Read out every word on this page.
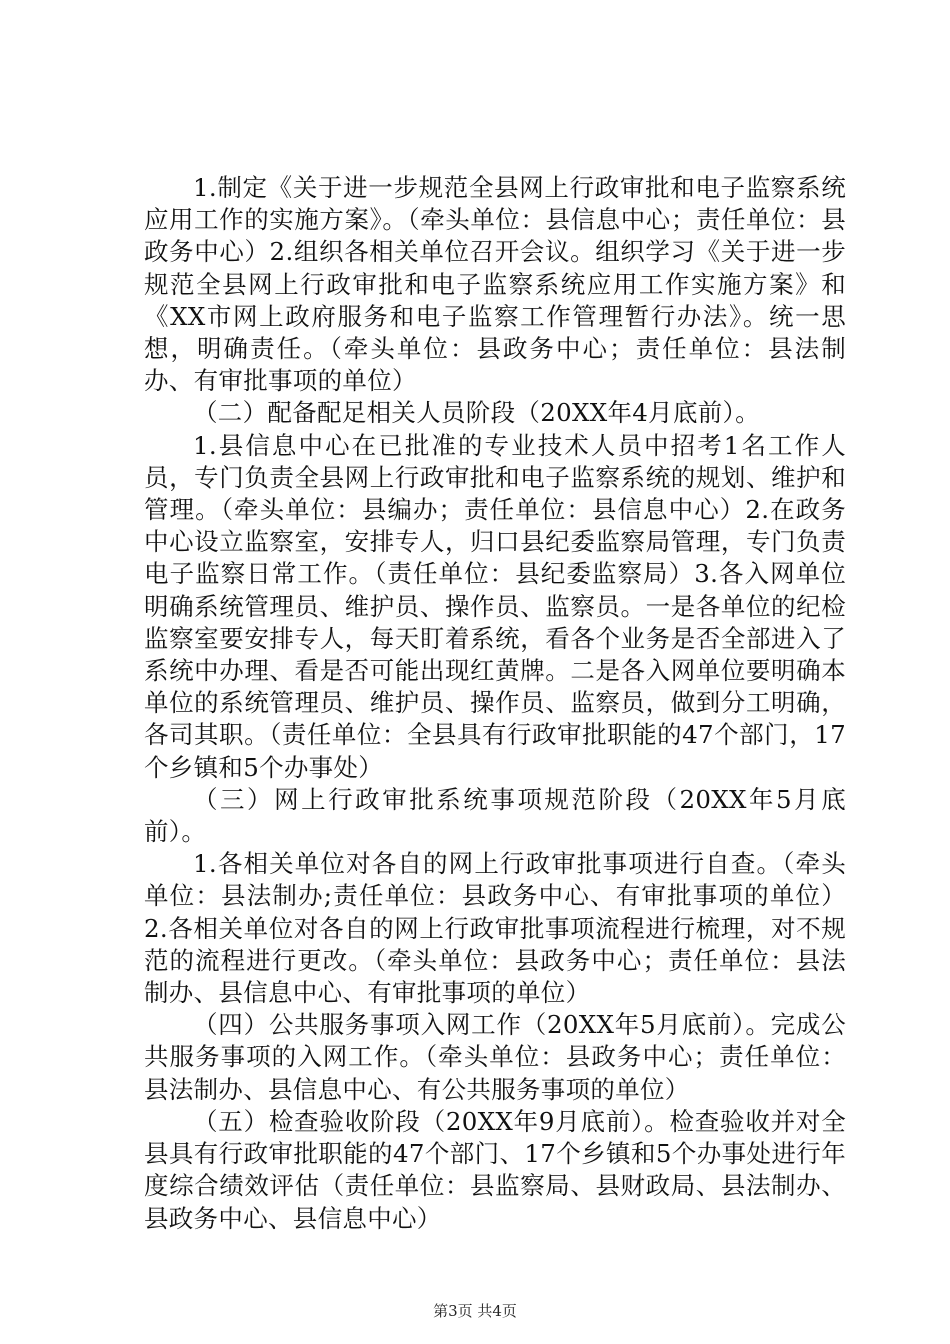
1.制定《关于进一步规范全县网上行政审批和电子监察系统应用工作的实施方案》。（牵头单位：县信息中心；责任单位：县政务中心）2.组织各相关单位召开会议。组织学习《关于进一步规范全县网上行政审批和电子监察系统应用工作实施方案》和《XX市网上政府服务和电子监察工作管理暂行办法》。统一思想，明确责任。（牵头单位：县政务中心；责任单位：县法制办、有审批事项的单位）

（二）配备配足相关人员阶段（20XX年4月底前）。

1.县信息中心在已批准的专业技术人员中招考1名工作人员，专门负责全县网上行政审批和电子监察系统的规划、维护和管理。（牵头单位：县编办；责任单位：县信息中心）2.在政务中心设立监察室，安排专人，归口县纪委监察局管理，专门负责电子监察日常工作。（责任单位：县纪委监察局）3.各入网单位明确系统管理员、维护员、操作员、监察员。一是各单位的纪检监察室要安排专人，每天盯着系统，看各个业务是否全部进入了系统中办理、看是否可能出现红黄牌。二是各入网单位要明确本单位的系统管理员、维护员、操作员、监察员，做到分工明确，各司其职。（责任单位：全县具有行政审批职能的47个部门，17个乡镇和5个办事处）

（三）网上行政审批系统事项规范阶段（20XX年5月底前）。

1.各相关单位对各自的网上行政审批事项进行自查。（牵头单位：县法制办;责任单位：县政务中心、有审批事项的单位）2.各相关单位对各自的网上行政审批事项流程进行梳理，对不规范的流程进行更改。（牵头单位：县政务中心；责任单位：县法制办、县信息中心、有审批事项的单位）

（四）公共服务事项入网工作（20XX年5月底前）。完成公共服务事项的入网工作。（牵头单位：县政务中心；责任单位：县法制办、县信息中心、有公共服务事项的单位）

（五）检查验收阶段（20XX年9月底前）。检查验收并对全县具有行政审批职能的47个部门、17个乡镇和5个办事处进行年度综合绩效评估（责任单位：县监察局、县财政局、县法制办、县政务中心、县信息中心）

第3页 共4页
